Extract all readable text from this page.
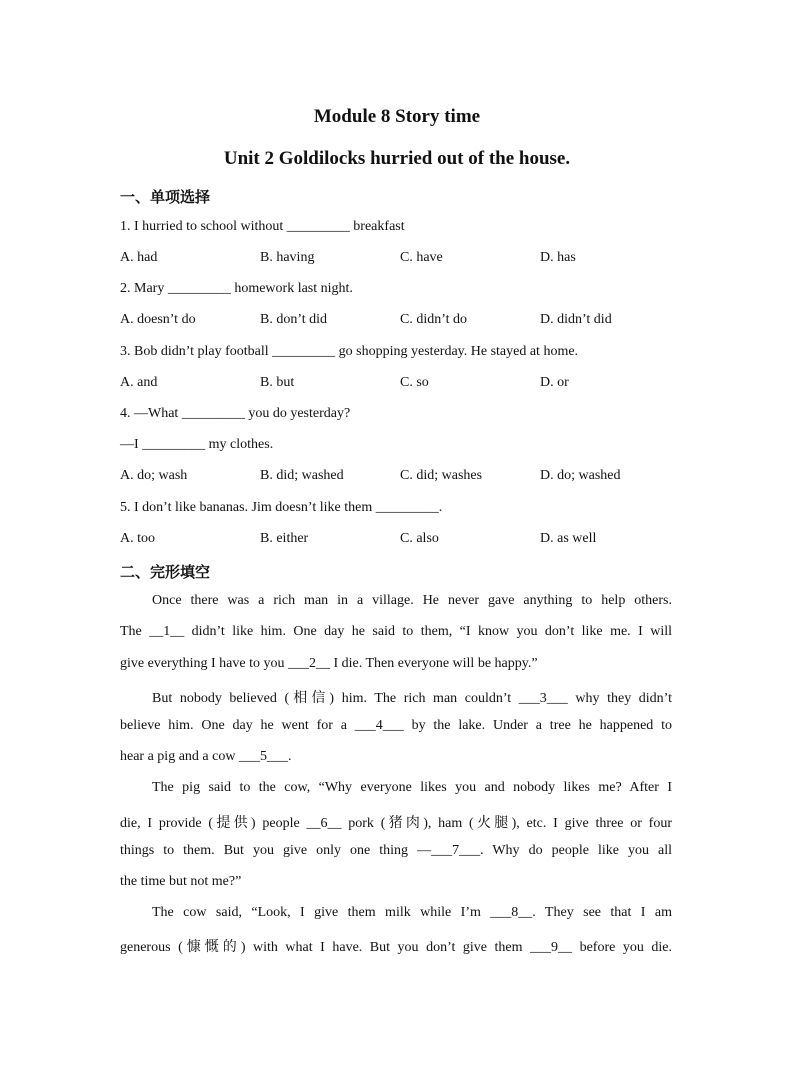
Module 8 Story time
Unit 2 Goldilocks hurried out of the house.
一、单项选择
1. I hurried to school without _________ breakfast
A. had	B. having	C. have	D. has
2. Mary _________ homework last night.
A. doesn’t do	B. don’t did	C. didn’t do	D. didn’t did
3. Bob didn’t play football _________ go shopping yesterday. He stayed at home.
A. and	B. but	C. so	D. or
4. —What _________ you do yesterday?
—I _________ my clothes.
A. do; wash	B. did; washed	C. did; washes	D. do; washed
5. I don’t like bananas. Jim doesn’t like them _________.
A. too	B. either	C. also	D. as well
二、完形填空
Once there was a rich man in a village. He never gave anything to help others.
The __1__ didn’t like him. One day he said to them, “I know you don’t like me. I will
give everything I have to you ___2__ I die. Then everyone will be happy.”
But nobody believed (相信) him. The rich man couldn’t ___3___ why they didn’t
believe him. One day he went for a ___4___ by the lake. Under a tree he happened to
hear a pig and a cow ___5___.
The pig said to the cow, “Why everyone likes you and nobody likes me? After I
die, I provide (提供) people __6__ pork (猪肉), ham (火腿), etc. I give three or four
things to them. But you give only one thing —___7___. Why do people like you all
the time but not me?”
The cow said, “Look, I give them milk while I’m ___8__. They see that I am
generous (慷慨的) with what I have. But you don’t give them ___9__ before you die.
